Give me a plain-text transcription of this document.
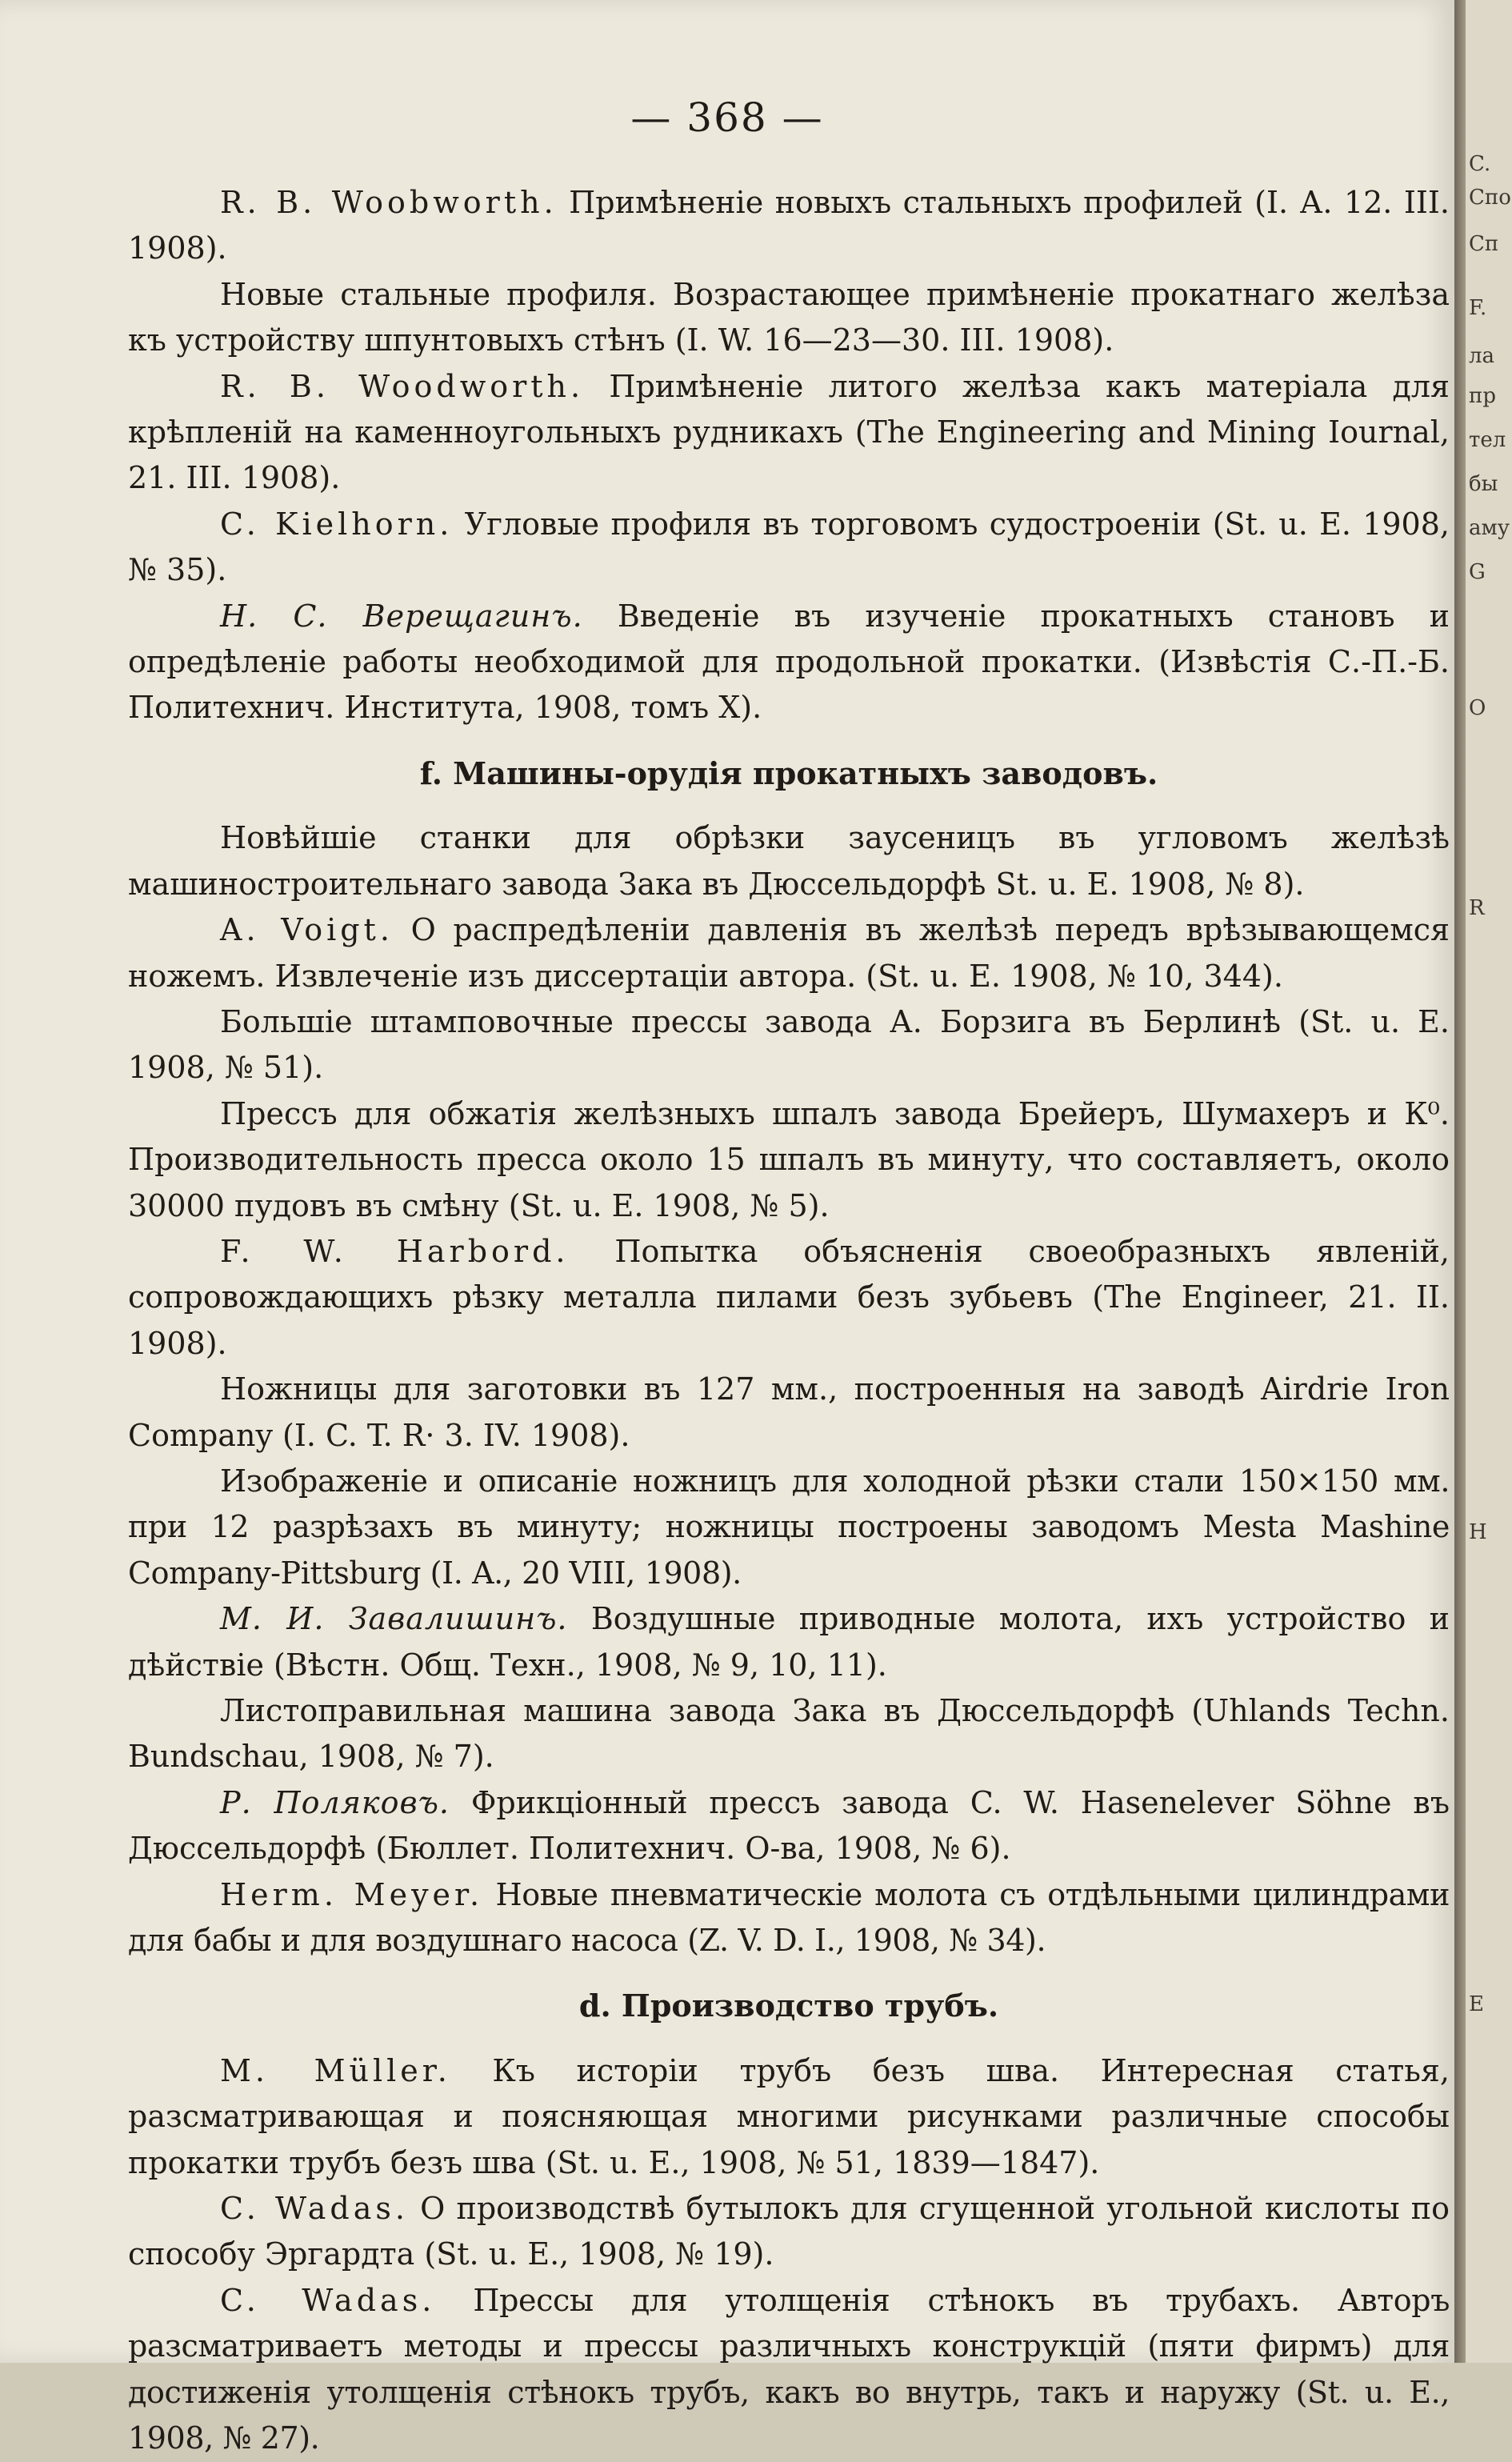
— 368 —

R. B. Woobworth. Примѣненie новыхъ стальныхъ профилей (I. А. 12. III. 1908).

Новые стальные профиля. Возрастающее примѣненie прокатнаго желѣза къ устройству шпунтовыхъ стѣнъ (I. W. 16—23—30. III. 1908).

R. B. Woodworth. Примѣненie литого желѣза какъ матеріала для крѣпленій на каменноугольныхъ рудникахъ (The Engineering and Mining Iournal, 21. III. 1908).

C. Kielhorn. Угловые профиля въ торговомъ судостроеніи (St. u. E. 1908, № 35).

Н. С. Верещагинъ. Введеніе въ изученіе прокатныхъ становъ и опредѣленіе работы необходимой для продольной прокатки. (Извѣстія С.-П.-Б. Политехнич. Института, 1908, томъ X).

f. Машины-орудія прокатныхъ заводовъ.

Новѣйшіе станки для обрѣзки заусеницъ въ угловомъ желѣзѣ машиностроительнаго завода Зака въ Дюссельдорфѣ St. u. E. 1908, № 8).

A. Voigt. О распредѣленіи давленія въ желѣзѣ передъ врѣзывающемся ножемъ. Извлеченіе изъ диссертаціи автора. (St. u. E. 1908, № 10, 344).

Большіе штамповочные прессы завода А. Борзига въ Берлинѣ (St. u. E. 1908, № 51).

Прессъ для обжатія желѣзныхъ шпалъ завода Брейеръ, Шумахеръ и К⁰. Производительность пресса около 15 шпалъ въ минуту, что составляетъ, около 30000 пудовъ въ смѣну (St. u. E. 1908, № 5).

F. W. Harbord. Попытка объясненія своеобразныхъ явленій, сопровождающихъ рѣзку металла пилами безъ зубьевъ (The Engineer, 21. II. 1908).

Ножницы для заготовки въ 127 мм., построенныя на заводѣ Airdrie Iron Company (I. C. T. R· 3. IV. 1908).

Изображеніе и описаніе ножницъ для холодной рѣзки стали 150×150 мм. при 12 разрѣзахъ въ минуту; ножницы построены заводомъ Mesta Mashine Company-Pittsburg (I. A., 20 VIII, 1908).

М. И. Завалишинъ. Воздушные приводные молота, ихъ устройство и дѣйствіе (Вѣстн. Общ. Техн., 1908, № 9, 10, 11).

Листоправильная машина завода Зака въ Дюссельдорфѣ (Uhlands Techn. Bundschau, 1908, № 7).

Р. Поляковъ. Фрикціонный прессъ завода C. W. Hasenelever Söhne въ Дюссельдорфѣ (Бюллет. Политехнич. О-ва, 1908, № 6).

Herm. Meyer. Новые пневматическіе молота съ отдѣльными цилиндрами для бабы и для воздушнаго насоса (Z. V. D. I., 1908, № 34).

d. Производство трубъ.

M. Müller. Къ исторіи трубъ безъ шва. Интересная статья, разсматривающая и поясняющая многими рисунками различные способы прокатки трубъ безъ шва (St. u. E., 1908, № 51, 1839—1847).

C. Wadas. О производствѣ бутылокъ для сгущенной угольной кислоты по способу Эргардта (St. u. E., 1908, № 19).

C. Wadas. Прессы для утолщенія стѣнокъ въ трубахъ. Авторъ разсматриваетъ методы и прессы различныхъ конструкцій (пяти фирмъ) для достиженія утолщенія стѣнокъ трубъ, какъ во внутрь, такъ и наружу (St. u. E., 1908, № 27).

C.
Спо
Сп
F.
ла
пр
тел
бы
аму
G
O
R
H
E
